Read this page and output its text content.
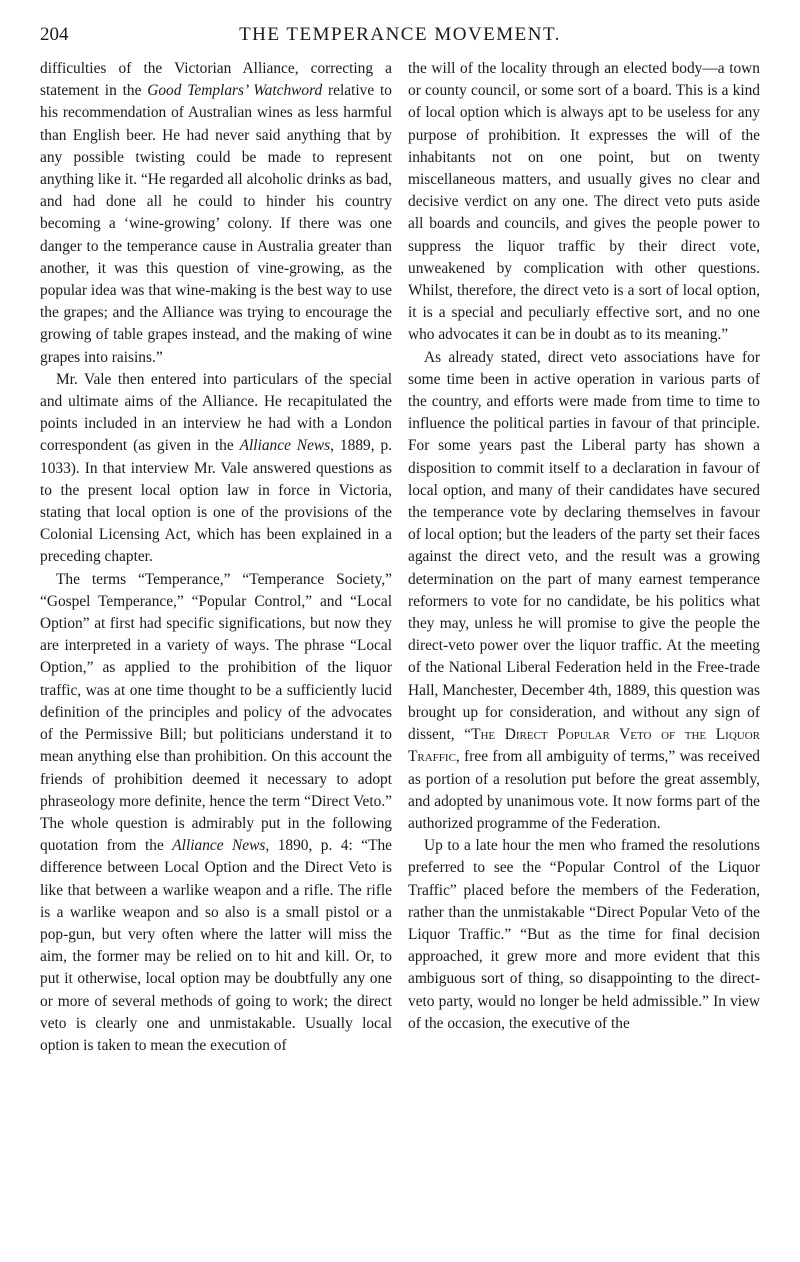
204	THE TEMPERANCE MOVEMENT.

difficulties of the Victorian Alliance, correcting a statement in the Good Templars’ Watchword relative to his recommendation of Australian wines as less harmful than English beer. He had never said anything that by any possible twisting could be made to represent anything like it. “He regarded all alcoholic drinks as bad, and had done all he could to hinder his country becoming a ‘wine-growing’ colony. If there was one danger to the temperance cause in Australia greater than another, it was this question of vine-growing, as the popular idea was that wine-making is the best way to use the grapes; and the Alliance was trying to encourage the growing of table grapes instead, and the making of wine grapes into raisins.”

Mr. Vale then entered into particulars of the special and ultimate aims of the Alliance. He recapitulated the points included in an interview he had with a London correspondent (as given in the Alliance News, 1889, p. 1033). In that interview Mr. Vale answered questions as to the present local option law in force in Victoria, stating that local option is one of the provisions of the Colonial Licensing Act, which has been explained in a preceding chapter.

The terms “Temperance,” “Temperance Society,” “Gospel Temperance,” “Popular Control,” and “Local Option” at first had specific significations, but now they are interpreted in a variety of ways. The phrase “Local Option,” as applied to the prohibition of the liquor traffic, was at one time thought to be a sufficiently lucid definition of the principles and policy of the advocates of the Permissive Bill; but politicians understand it to mean anything else than prohibition. On this account the friends of prohibition deemed it necessary to adopt phraseology more definite, hence the term “Direct Veto.” The whole question is admirably put in the following quotation from the Alliance News, 1890, p. 4: “The difference between Local Option and the Direct Veto is like that between a warlike weapon and a rifle. The rifle is a warlike weapon and so also is a small pistol or a pop-gun, but very often where the latter will miss the aim, the former may be relied on to hit and kill. Or, to put it otherwise, local option may be doubtfully any one or more of several methods of going to work; the direct veto is clearly one and unmistakable. Usually local option is taken to mean the execution of

the will of the locality through an elected body—a town or county council, or some sort of a board. This is a kind of local option which is always apt to be useless for any purpose of prohibition. It expresses the will of the inhabitants not on one point, but on twenty miscellaneous matters, and usually gives no clear and decisive verdict on any one. The direct veto puts aside all boards and councils, and gives the people power to suppress the liquor traffic by their direct vote, unweakened by complication with other questions. Whilst, therefore, the direct veto is a sort of local option, it is a special and peculiarly effective sort, and no one who advocates it can be in doubt as to its meaning.”

As already stated, direct veto associations have for some time been in active operation in various parts of the country, and efforts were made from time to time to influence the political parties in favour of that principle. For some years past the Liberal party has shown a disposition to commit itself to a declaration in favour of local option, and many of their candidates have secured the temperance vote by declaring themselves in favour of local option; but the leaders of the party set their faces against the direct veto, and the result was a growing determination on the part of many earnest temperance reformers to vote for no candidate, be his politics what they may, unless he will promise to give the people the direct-veto power over the liquor traffic. At the meeting of the National Liberal Federation held in the Free-trade Hall, Manchester, December 4th, 1889, this question was brought up for consideration, and without any sign of dissent, “The Direct Popular Veto of the Liquor Traffic, free from all ambiguity of terms,” was received as portion of a resolution put before the great assembly, and adopted by unanimous vote. It now forms part of the authorized programme of the Federation.

Up to a late hour the men who framed the resolutions preferred to see the “Popular Control of the Liquor Traffic” placed before the members of the Federation, rather than the unmistakable “Direct Popular Veto of the Liquor Traffic.” “But as the time for final decision approached, it grew more and more evident that this ambiguous sort of thing, so disappointing to the direct-veto party, would no longer be held admissible.” In view of the occasion, the executive of the
